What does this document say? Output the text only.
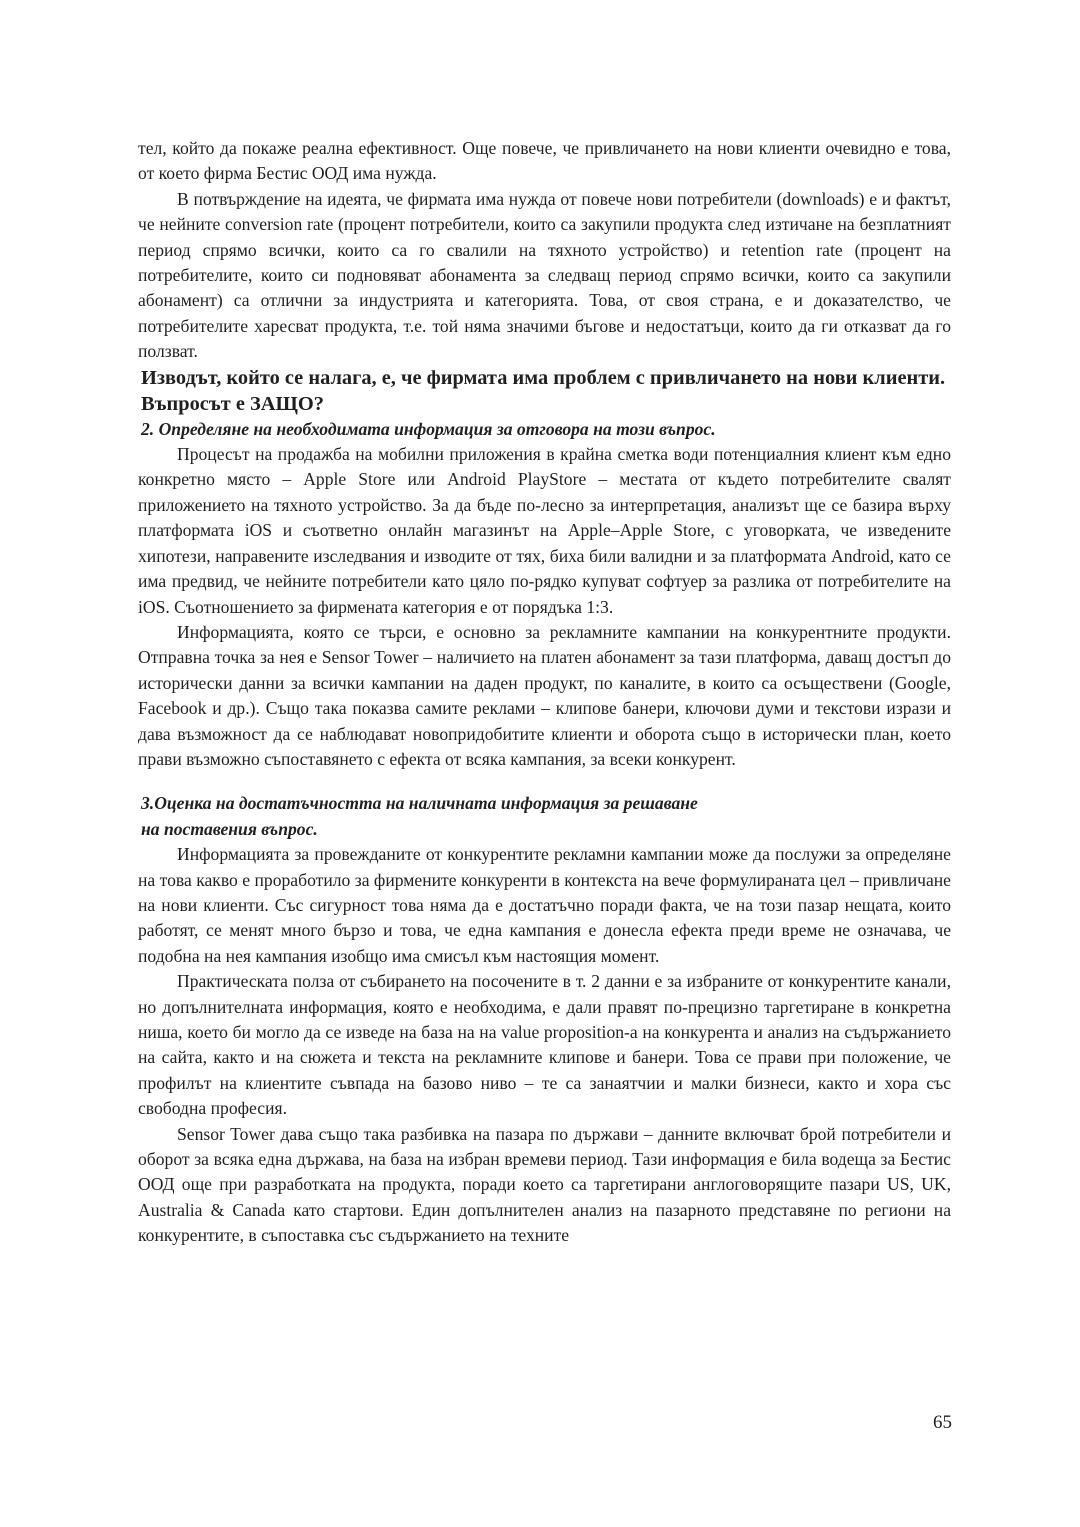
тел, който да покаже реална ефективност. Още повече, че привличането на нови клиенти очевидно е това, от което фирма Бестис ООД има нужда.

В потвърждение на идеята, че фирмата има нужда от повече нови потребители (downloads) е и фактът, че нейните conversion rate (процент потребители, които са закупили продукта след изтичане на безплатният период спрямо всички, които са го свалили на тяхното устройство) и retention rate (процент на потребителите, които си подновяват абонамента за следващ период спрямо всички, които са закупили абонамент) са отлични за индустрията и категорията. Това, от своя страна, е и доказателство, че потребителите харесват продукта, т.е. той няма значими бъгове и недостатъци, които да ги отказват да го ползват.

Изводът, който се налага, е, че фирмата има проблем с привличането на нови клиенти. Въпросът е ЗАЩО?

2. Определяне на необходимата информация за отговора на този въпрос.

Процесът на продажба на мобилни приложения в крайна сметка води потенциалния клиент към едно конкретно място – Apple Store или Android PlayStore – местата от където потребителите свалят приложението на тяхното устройство. За да бъде по-лесно за интерпретация, анализът ще се базира върху платформата iOS и съответно онлайн магазинът на Apple–Apple Store, с уговорката, че изведените хипотези, направените изследвания и изводите от тях, биха били валидни и за платформата Android, като се има предвид, че нейните потребители като цяло по-рядко купуват софтуер за разлика от потребителите на iOS. Съотношението за фирмената категория е от порядъка 1:3.

Информацията, която се търси, е основно за рекламните кампании на конкурентните продукти. Отправна точка за нея е Sensor Tower – наличието на платен абонамент за тази платформа, даващ достъп до исторически данни за всички кампании на даден продукт, по каналите, в които са осъществени (Google, Facebook и др.). Също така показва самите реклами – клипове банери, ключови думи и текстови изрази и дава възможност да се наблюдават новопридобитите клиенти и оборота също в исторически план, което прави възможно съпоставянето с ефекта от всяка кампания, за всеки конкурент.

3.Оценка на достатъчността на наличната информация за решаване

на поставения въпрос.

Информацията за провежданите от конкурентите рекламни кампании може да послужи за определяне на това какво е проработило за фирмените конкуренти в контекста на вече формулираната цел – привличане на нови клиенти. Със сигурност това няма да е достатъчно поради факта, че на този пазар нещата, които работят, се менят много бързо и това, че една кампания е донесла ефекта преди време не означава, че подобна на нея кампания изобщо има смисъл към настоящия момент.

Практическата полза от събирането на посочените в т. 2 данни е за избраните от конкурентите канали, но допълнителната информация, която е необходима, е дали правят по-прецизно таргетиране в конкретна ниша, което би могло да се изведе на база на на value proposition-а на конкурента и анализ на съдържанието на сайта, както и на сюжета и текста на рекламните клипове и банери. Това се прави при положение, че профилът на клиентите съвпада на базово ниво – те са занаятчии и малки бизнеси, както и хора със свободна професия.

Sensor Tower дава също така разбивка на пазара по държави – данните включват брой потребители и оборот за всяка една държава, на база на избран времеви период. Тази информация е била водеща за Бестис ООД още при разработката на продукта, поради което са таргетирани англоговорящите пазари US, UK, Australia & Canada като стартови. Един допълнителен анализ на пазарното представяне по региони на конкурентите, в съпоставка със съдържанието на техните

65
